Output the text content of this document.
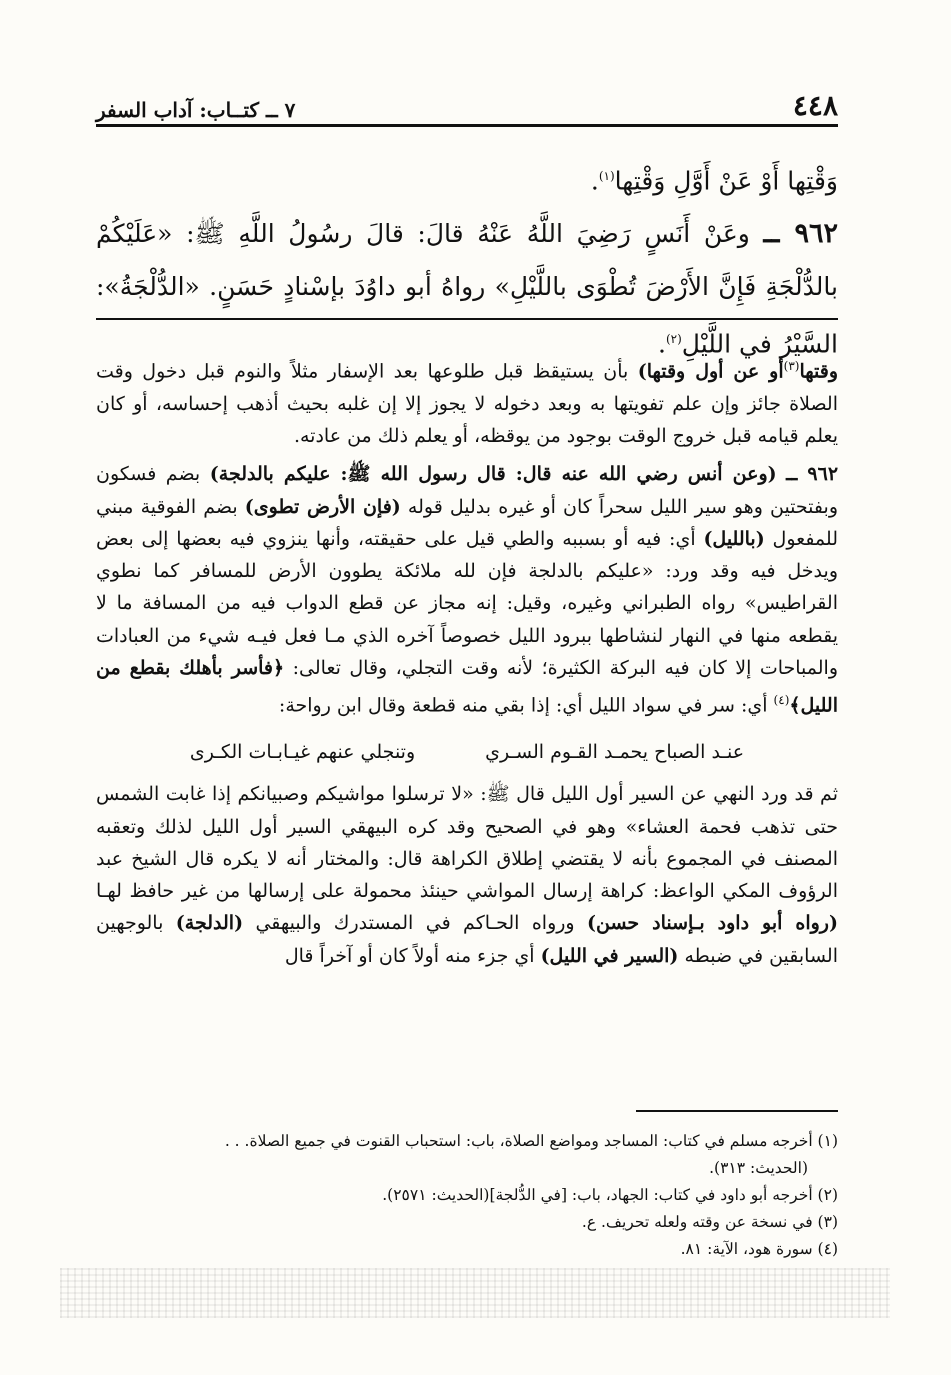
٤٤٨
٧ ــ كتــاب: آداب السفر

وَقْتِها أَوْ عَنْ أَوَّلِ وَقْتِها$^{(١)}$.

٩٦٢ ــ وعَنْ أَنَسٍ رَضِيَ اللَّهُ عَنْهُ قالَ: قالَ رسُولُ اللَّهِ ﷺ: «عَلَيْكُمْ بالدُّلْجَةِ فَإِنَّ الأَرْضَ تُطْوَى باللَّيْلِ» رواهُ أبو داوُدَ بإسْنادٍ حَسَنٍ. «الدُّلْجَةُ»: السَّيْرُ في اللَّيْلِ$^{(٢)}$.

وقتها$^{(٣)}$أو عن أول وقتها) بأن يستيقظ قبل طلوعها بعد الإسفار مثلاً والنوم قبل دخول وقت الصلاة جائز وإن علم تفويتها به وبعد دخوله لا يجوز إلا إن غلبه بحيث أذهب إحساسه، أو كان يعلم قيامه قبل خروج الوقت بوجود من يوقظه، أو يعلم ذلك من عادته.

٩٦٢ ــ (وعن أنس رضي الله عنه قال: قال رسول الله ﷺ: عليكم بالدلجة) بضم فسكون وبفتحتين وهو سير الليل سحراً كان أو غيره بدليل قوله (فإن الأرض تطوى) بضم الفوقية مبني للمفعول (بالليل) أي: فيه أو بسببه والطي قيل على حقيقته، وأنها ينزوي فيه بعضها إلى بعض ويدخل فيه وقد ورد: «عليكم بالدلجة فإن لله ملائكة يطوون الأرض للمسافر كما نطوي القراطيس» رواه الطبراني وغيره، وقيل: إنه مجاز عن قطع الدواب فيه من المسافة ما لا يقطعه منها في النهار لنشاطها ببرود الليل خصوصاً آخره الذي مـا فعل فيـه شيء من العبادات والمباحات إلا كان فيه البركة الكثيرة؛ لأنه وقت التجلي، وقال تعالى: ﴿فأسر بأهلك بقطع من الليل﴾$^{(٤)}$ أي: سر في سواد الليل أي: إذا بقي منه قطعة وقال ابن رواحة:

عنـد الصباح يحمـد القـوم السـري
وتنجلي عنهم غيـابـات الكـرى

ثم قد ورد النهي عن السير أول الليل قال ﷺ: «لا ترسلوا مواشيكم وصبيانكم إذا غابت الشمس حتى تذهب فحمة العشاء» وهو في الصحيح وقد كره البيهقي السير أول الليل لذلك وتعقبه المصنف في المجموع بأنه لا يقتضي إطلاق الكراهة قال: والمختار أنه لا يكره قال الشيخ عبد الرؤوف المكي الواعظ: كراهة إرسال المواشي حينئذ محمولة على إرسالها من غير حافظ لهـا (رواه أبو داود بـإسناد حسن) ورواه الحـاكم في المستدرك والبيهقي (الدلجة) بالوجهين السابقين في ضبطه (السير في الليل) أي جزء منه أولاً كان أو آخراً قال

(١) أخرجه مسلم في كتاب: المساجد ومواضع الصلاة، باب: استحباب القنوت في جميع الصلاة. . .

(الحديث: ٣١٣).

(٢) أخرجه أبو داود في كتاب: الجهاد، باب: [في الدُّلجة](الحديث: ٢٥٧١).

(٣) في نسخة عن وقته ولعله تحريف. ع.

(٤) سورة هود، الآية: ٨١.
